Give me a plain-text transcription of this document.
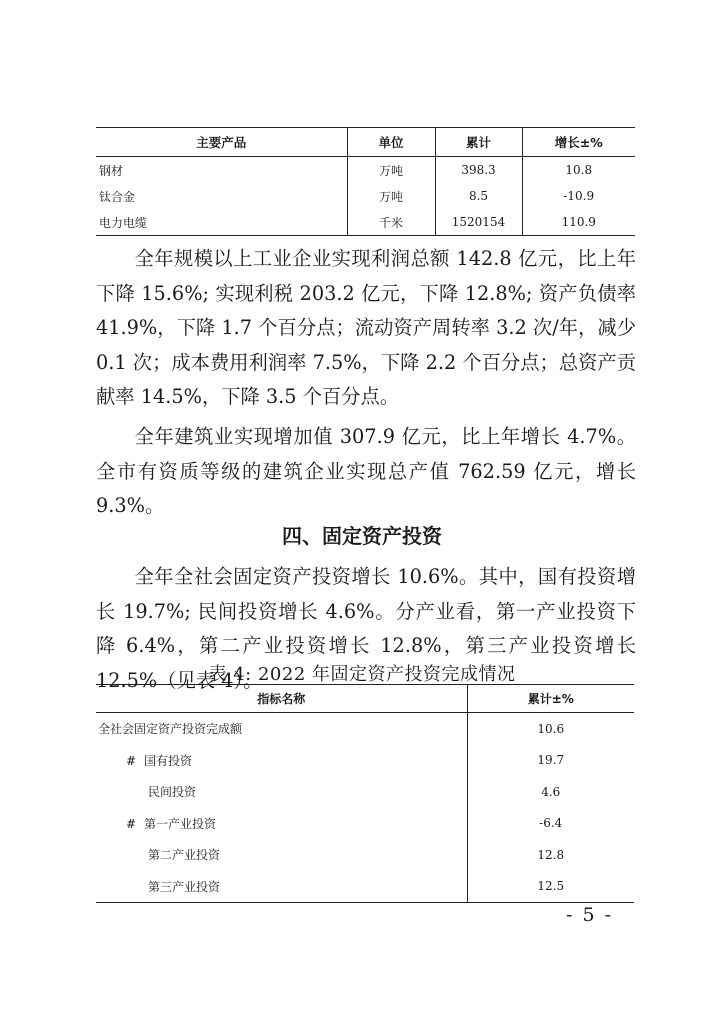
主要产品	单位	累计	增长±%
钢材	万吨	398.3	10.8
钛合金	万吨	8.5	-10.9
电力电缆	千米	1520154	110.9

全年规模以上工业企业实现利润总额 142.8 亿元，比上年下降 15.6%; 实现利税 203.2 亿元，下降 12.8%; 资产负债率 41.9%，下降 1.7 个百分点；流动资产周转率 3.2 次/年，减少 0.1 次；成本费用利润率 7.5%，下降 2.2 个百分点；总资产贡献率 14.5%，下降 3.5 个百分点。

全年建筑业实现增加值 307.9 亿元，比上年增长 4.7%。全市有资质等级的建筑企业实现总产值 762.59 亿元，增长 9.3%。

四、固定资产投资

全年全社会固定资产投资增长 10.6%。其中，国有投资增长 19.7%; 民间投资增长 4.6%。分产业看，第一产业投资下降 6.4%，第二产业投资增长 12.8%，第三产业投资增长 12.5%（见表 4）。

表 4: 2022 年固定资产投资完成情况

指标名称	累计±%
全社会固定资产投资完成额	10.6
# 国有投资	19.7
民间投资	4.6
# 第一产业投资	-6.4
第二产业投资	12.8
第三产业投资	12.5

- 5 -
